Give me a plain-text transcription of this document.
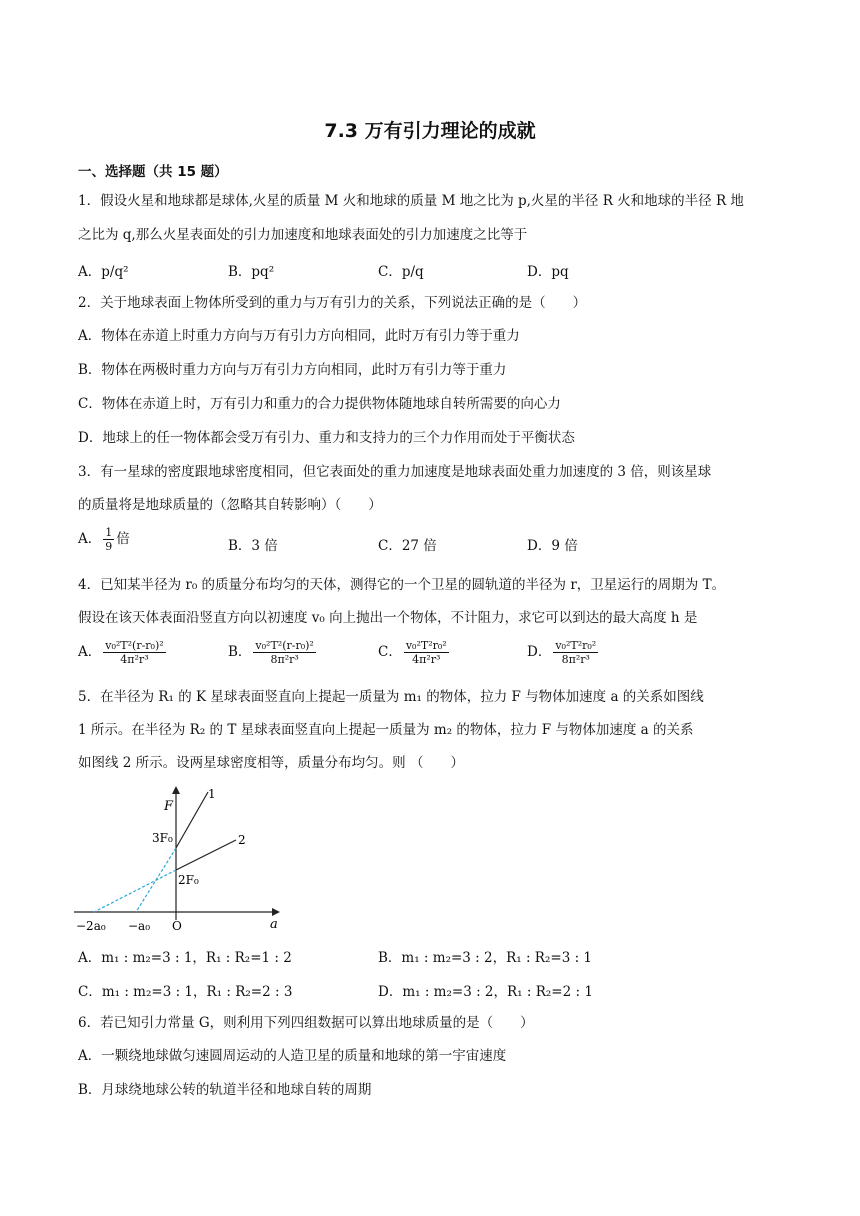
7.3 万有引力理论的成就
一、选择题（共 15 题）
1．假设火星和地球都是球体,火星的质量 M 火和地球的质量 M 地之比为 p,火星的半径 R 火和地球的半径 R 地
之比为 q,那么火星表面处的引力加速度和地球表面处的引力加速度之比等于
A．p/q²	B．pq²	C．p/q	D．pq
2．关于地球表面上物体所受到的重力与万有引力的关系，下列说法正确的是（　　）
A．物体在赤道上时重力方向与万有引力方向相同，此时万有引力等于重力
B．物体在两极时重力方向与万有引力方向相同，此时万有引力等于重力
C．物体在赤道上时，万有引力和重力的合力提供物体随地球自转所需要的向心力
D．地球上的任一物体都会受万有引力、重力和支持力的三个力作用而处于平衡状态
3．有一星球的密度跟地球密度相同，但它表面处的重力加速度是地球表面处重力加速度的 3 倍，则该星球
的质量将是地球质量的（忽略其自转影响）（　　）
A． $\frac{1}{9}$ 倍	B．3 倍	C．27 倍	D．9 倍
4．已知某半径为 r₀ 的质量分布均匀的天体，测得它的一个卫星的圆轨道的半径为 r，卫星运行的周期为 T。
假设在该天体表面沿竖直方向以初速度 v₀ 向上抛出一个物体，不计阻力，求它可以到达的最大高度 h 是
A． $\frac{\text{v₀²T²(r-r₀)²}}{\text{4π²r³}}$	B． $\frac{\text{v₀²T²(r-r₀)²}}{\text{8π²r³}}$	C． $\frac{\text{v₀²T²r₀²}}{\text{4π²r³}}$	D． $\frac{\text{v₀²T²r₀²}}{\text{8π²r³}}$
5．在半径为 R₁ 的 K 星球表面竖直向上提起一质量为 m₁ 的物体，拉力 F 与物体加速度 a 的关系如图线
1 所示。在半径为 R₂ 的 T 星球表面竖直向上提起一质量为 m₂ 的物体，拉力 F 与物体加速度 a 的关系
如图线 2 所示。设两星球密度相等，质量分布均匀。则 （　　）
F
a
O
1
2
3F₀
2F₀
−2a₀ −a₀
A．m₁ : m₂=3 : 1，R₁ : R₂=1 : 2	B．m₁ : m₂=3 : 2，R₁ : R₂=3 : 1
C．m₁ : m₂=3 : 1，R₁ : R₂=2 : 3	D．m₁ : m₂=3 : 2，R₁ : R₂=2 : 1
6．若已知引力常量 G，则利用下列四组数据可以算出地球质量的是（　　）
A．一颗绕地球做匀速圆周运动的人造卫星的质量和地球的第一宇宙速度
B．月球绕地球公转的轨道半径和地球自转的周期
